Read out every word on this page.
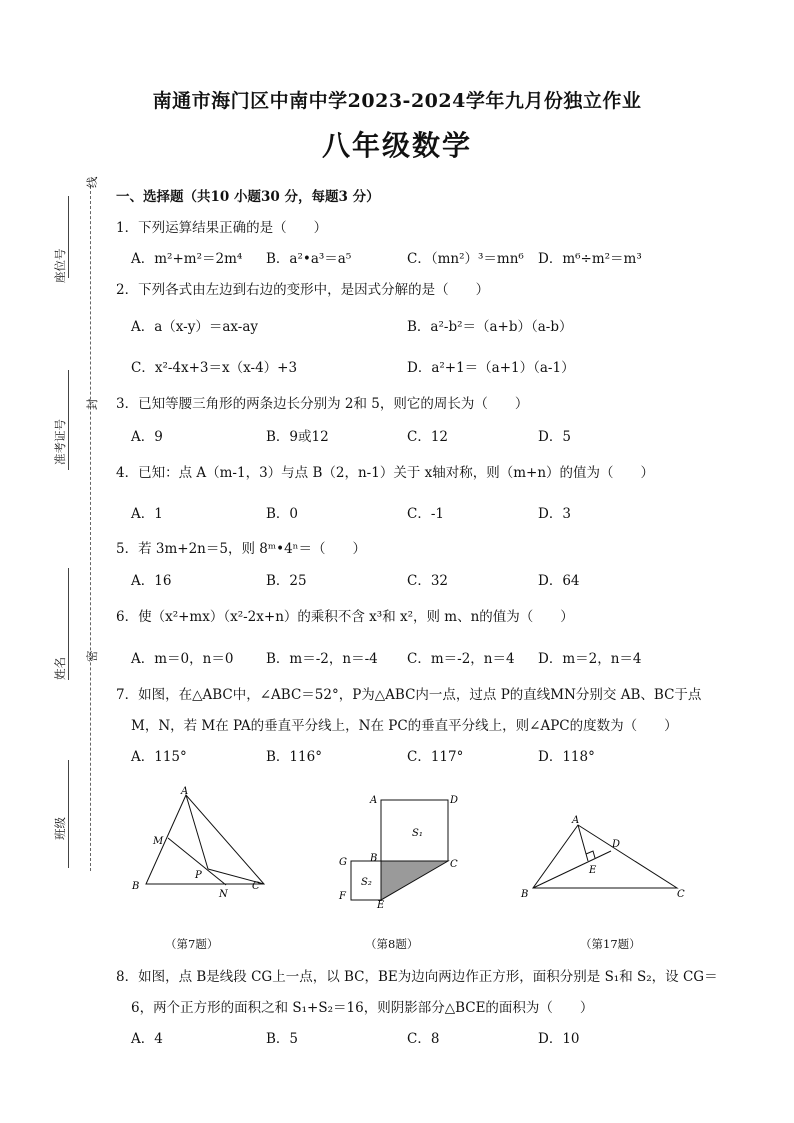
南通市海门区中南中学2023-2024学年九月份独立作业
八年级数学
座位号
准考证号
姓名
班级
线
封
密
一、选择题（共10 小题30 分，每题3 分）
1．下列运算结果正确的是（　　）
A．m²+m²＝2m⁴ B．a²•a³＝a⁵	C．（mn²）³＝mn⁶ D．m⁶÷m²＝m³
2．下列各式由左边到右边的变形中，是因式分解的是（　　）
A．a（x-y）＝ax-ay	B．a²-b²＝（a+b）（a-b）
C．x²-4x+3＝x（x-4）+3	D．a²+1＝（a+1）（a-1）
3．已知等腰三角形的两条边长分别为 2和 5，则它的周长为（　　）
A．9	B．9或12	C．12	D．5
4．已知：点 A（m-1，3）与点 B（2，n-1）关于 x轴对称，则（m+n）的值为（　　）
A．1	B．0	C．-1	D．3
5．若 3m+2n＝5，则 8ᵐ•4ⁿ＝（　　）
A．16	B．25	C．32	D．64
6．使（x²+mx）（x²-2x+n）的乘积不含 x³和 x²，则 m、n的值为（　　）
A．m＝0，n＝0 B．m＝-2，n＝-4 C．m＝-2，n＝4 D．m＝2，n＝4
7．如图，在△ABC中，∠ABC＝52°，P为△ABC内一点，过点 P的直线MN分别交 AB、BC于点
M，N，若 M在 PA的垂直平分线上，N在 PC的垂直平分线上，则∠APC的度数为（　　）
A．115°	B．116°	C．117°	D．118°
A
B	C
M
N
P
（第7题）
A	D
B
C
G
F
E
S₁
S₂
（第8题）
A
B	C
D
E
（第17题）
8．如图，点 B是线段 CG上一点，以 BC，BE为边向两边作正方形，面积分别是 S₁和 S₂，设 CG＝
6，两个正方形的面积之和 S₁+S₂＝16，则阴影部分△BCE的面积为（　　）
A．4	B．5	C．8	D．10
